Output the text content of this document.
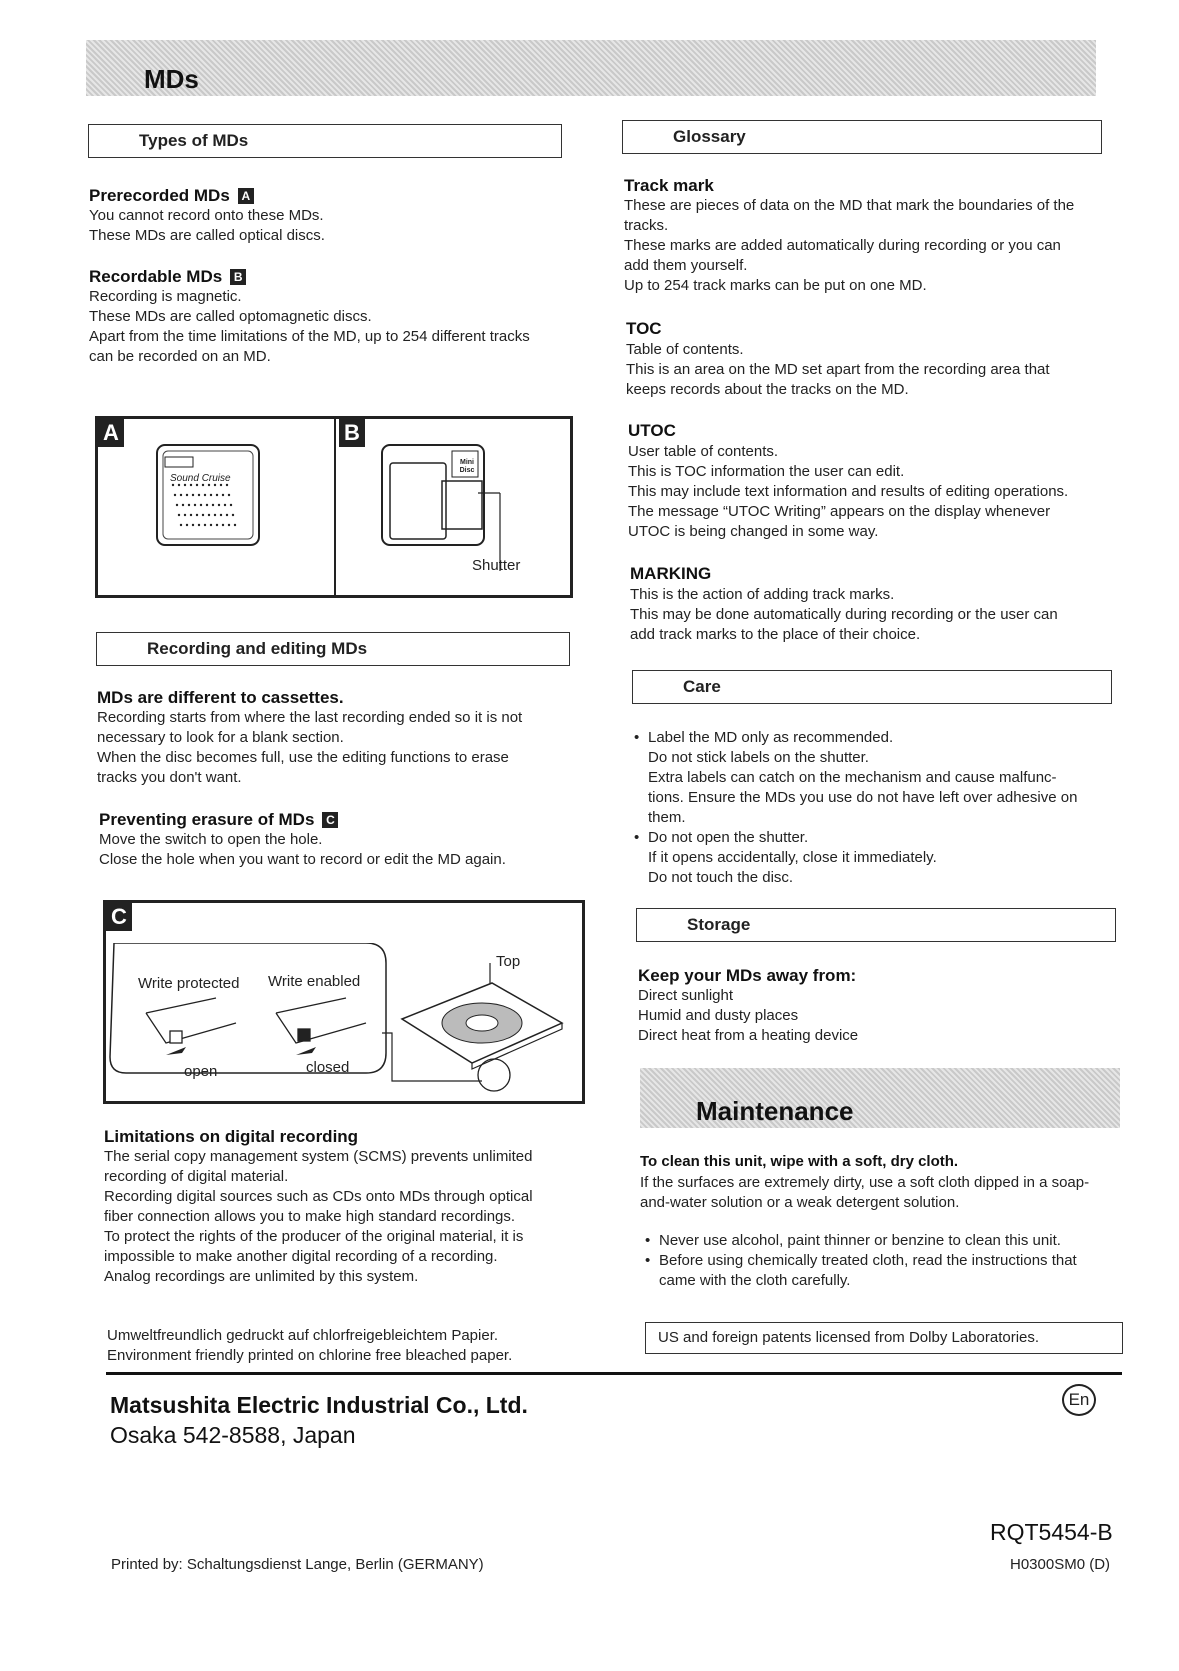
MDs
Types of MDs
Prerecorded MDs A

You cannot record onto these MDs.

These MDs are called optical discs.

Recordable MDs B

Recording is magnetic.

These MDs are called optomagnetic discs.

Apart from the time limitations of the MD, up to 254 different tracks

can be recorded on an MD.

A	B
Sound Cruise
Mini Disc
Shutter
Recording and editing MDs
MDs are different to cassettes.

Recording starts from where the last recording ended so it is not

necessary to look for a blank section.

When the disc becomes full, use the editing functions to erase

tracks you don't want.

Preventing erasure of MDs C

Move the switch to open the hole.

Close the hole when you want to record or edit the MD again.

C
Write protected Write enabled
open	closed
Top
Limitations on digital recording

The serial copy management system (SCMS) prevents unlimited

recording of digital material.

Recording digital sources such as CDs onto MDs through optical

fiber connection allows you to make high standard recordings.

To protect the rights of the producer of the original material, it is

impossible to make another digital recording of a recording.

Analog recordings are unlimited by this system.

Umweltfreundlich gedruckt auf chlorfreigebleichtem Papier.

Environment friendly printed on chlorine free bleached paper.

Glossary
Track mark

These are pieces of data on the MD that mark the boundaries of the

tracks.

These marks are added automatically during recording or you can

add them yourself.

Up to 254 track marks can be put on one MD.

TOC

Table of contents.

This is an area on the MD set apart from the recording area that

keeps records about the tracks on the MD.

UTOC

User table of contents.

This is TOC information the user can edit.

This may include text information and results of editing operations.

The message “UTOC Writing” appears on the display whenever

UTOC is being changed in some way.

MARKING

This is the action of adding track marks.

This may be done automatically during recording or the user can

add track marks to the place of their choice.

Care

• Label the MD only as recommended.

Do not stick labels on the shutter.

Extra labels can catch on the mechanism and cause malfunc-

tions. Ensure the MDs you use do not have left over adhesive on

them.

• Do not open the shutter.

If it opens accidentally, close it immediately.

Do not touch the disc.

Storage
Keep your MDs away from:

Direct sunlight

Humid and dusty places

Direct heat from a heating device

Maintenance
To clean this unit, wipe with a soft, dry cloth.

If the surfaces are extremely dirty, use a soft cloth dipped in a soap-

and-water solution or a weak detergent solution.

• Never use alcohol, paint thinner or benzine to clean this unit.

• Before using chemically treated cloth, read the instructions that

came with the cloth carefully.

US and foreign patents licensed from Dolby Laboratories.
Matsushita Electric Industrial Co., Ltd.
Osaka 542-8588, Japan
En
Printed by: Schaltungsdienst Lange, Berlin (GERMANY)
RQT5454-B
H0300SM0 (D)
